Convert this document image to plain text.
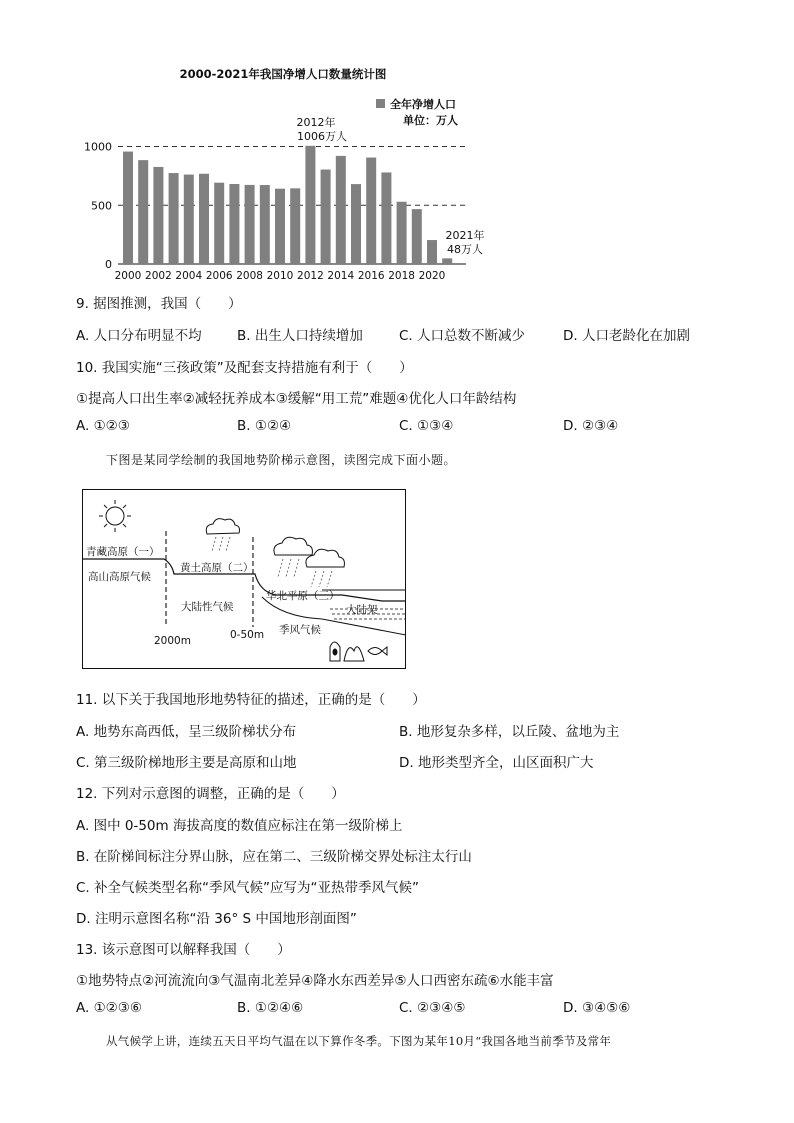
2000-2021年我国净增人口数量统计图
全年净增人口
单位：万人
0
500
1000
2000 2002 2004 2006 2008 2010 2012 2014 2016 2018 2020
2012年
1006万人
2021年
48万人
9. 据图推测，我国（　　）
A. 人口分布明显不均	B. 出生人口持续增加	C. 人口总数不断减少	D. 人口老龄化在加剧
10. 我国实施“三孩政策”及配套支持措施有利于（　　）
①提高人口出生率②减轻抚养成本③缓解“用工荒”难题④优化人口年龄结构
A. ①②③	B. ①②④	C. ①③④	D. ②③④
下图是某同学绘制的我国地势阶梯示意图，读图完成下面小题。
青藏高原（一）
高山高原气候
黄土高原（二）
大陆性气候
华北平原（三）
大陆架
季风气候
2000m	0-50m
11. 以下关于我国地形地势特征的描述，正确的是（　　）
A. 地势东高西低，呈三级阶梯状分布	B. 地形复杂多样，以丘陵、盆地为主
C. 第三级阶梯地形主要是高原和山地	D. 地形类型齐全，山区面积广大
12. 下列对示意图的调整，正确的是（　　）
A. 图中 0-50m 海拔高度的数值应标注在第一级阶梯上
B. 在阶梯间标注分界山脉，应在第二、三级阶梯交界处标注太行山
C. 补全气候类型名称“季风气候”应写为“亚热带季风气候”
D. 注明示意图名称“沿 36° S 中国地形剖面图”
13. 该示意图可以解释我国（　　）
①地势特点②河流流向③气温南北差异④降水东西差异⑤人口西密东疏⑥水能丰富
A. ①②③⑥	B. ①②④⑥	C. ②③④⑤	D. ③④⑤⑥
从气候学上讲，连续五天日平均气温在以下算作冬季。下图为某年10月“我国各地当前季节及常年
